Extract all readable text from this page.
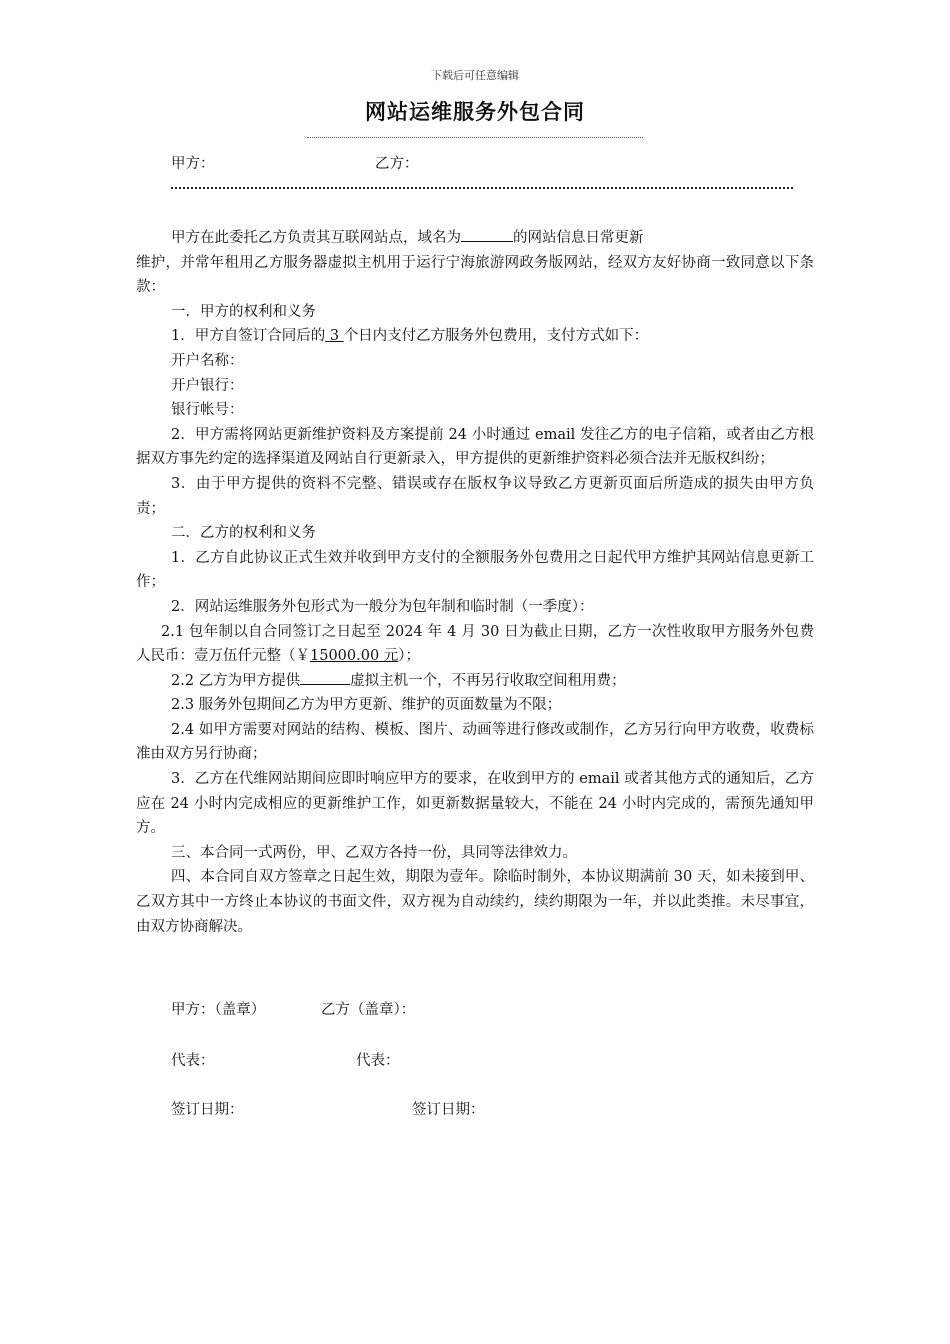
下载后可任意编辑
网站运维服务外包合同
甲方：	乙方：

甲方在此委托乙方负责其互联网站点，域名为	的网站信息日常更新

维护，并常年租用乙方服务器虚拟主机用于运行宁海旅游网政务版网站，经双方友好协商一致同意以下条款：

一．甲方的权利和义务

1．甲方自签订合同后的 3 个日内支付乙方服务外包费用，支付方式如下：

开户名称：

开户银行：

银行帐号：

2．甲方需将网站更新维护资料及方案提前 24 小时通过 email 发往乙方的电子信箱，或者由乙方根据双方事先约定的选择渠道及网站自行更新录入，甲方提供的更新维护资料必须合法并无版权纠纷；

3．由于甲方提供的资料不完整、错误或存在版权争议导致乙方更新页面后所造成的损失由甲方负责；

二．乙方的权利和义务

1．乙方自此协议正式生效并收到甲方支付的全额服务外包费用之日起代甲方维护其网站信息更新工作；

2．网站运维服务外包形式为一般分为包年制和临时制（一季度）：

2.1 包年制以自合同签订之日起至 2024 年 4 月 30 日为截止日期，乙方一次性收取甲方服务外包费人民币：壹万伍仟元整（￥15000.00 元）；

2.2 乙方为甲方提供	虚拟主机一个，不再另行收取空间租用费；

2.3 服务外包期间乙方为甲方更新、维护的页面数量为不限；

2.4 如甲方需要对网站的结构、模板、图片、动画等进行修改或制作，乙方另行向甲方收费，收费标准由双方另行协商；

3．乙方在代维网站期间应即时响应甲方的要求，在收到甲方的 email 或者其他方式的通知后，乙方应在 24 小时内完成相应的更新维护工作，如更新数据量较大，不能在 24 小时内完成的，需预先通知甲方。

三、本合同一式两份，甲、乙双方各持一份，具同等法律效力。

四、本合同自双方签章之日起生效，期限为壹年。除临时制外，本协议期满前 30 天，如未接到甲、乙双方其中一方终止本协议的书面文件，双方视为自动续约，续约期限为一年，并以此类推。未尽事宜，由双方协商解决。

甲方：（盖章）	乙方（盖章）：
代表：	代表：
签订日期：	签订日期：
